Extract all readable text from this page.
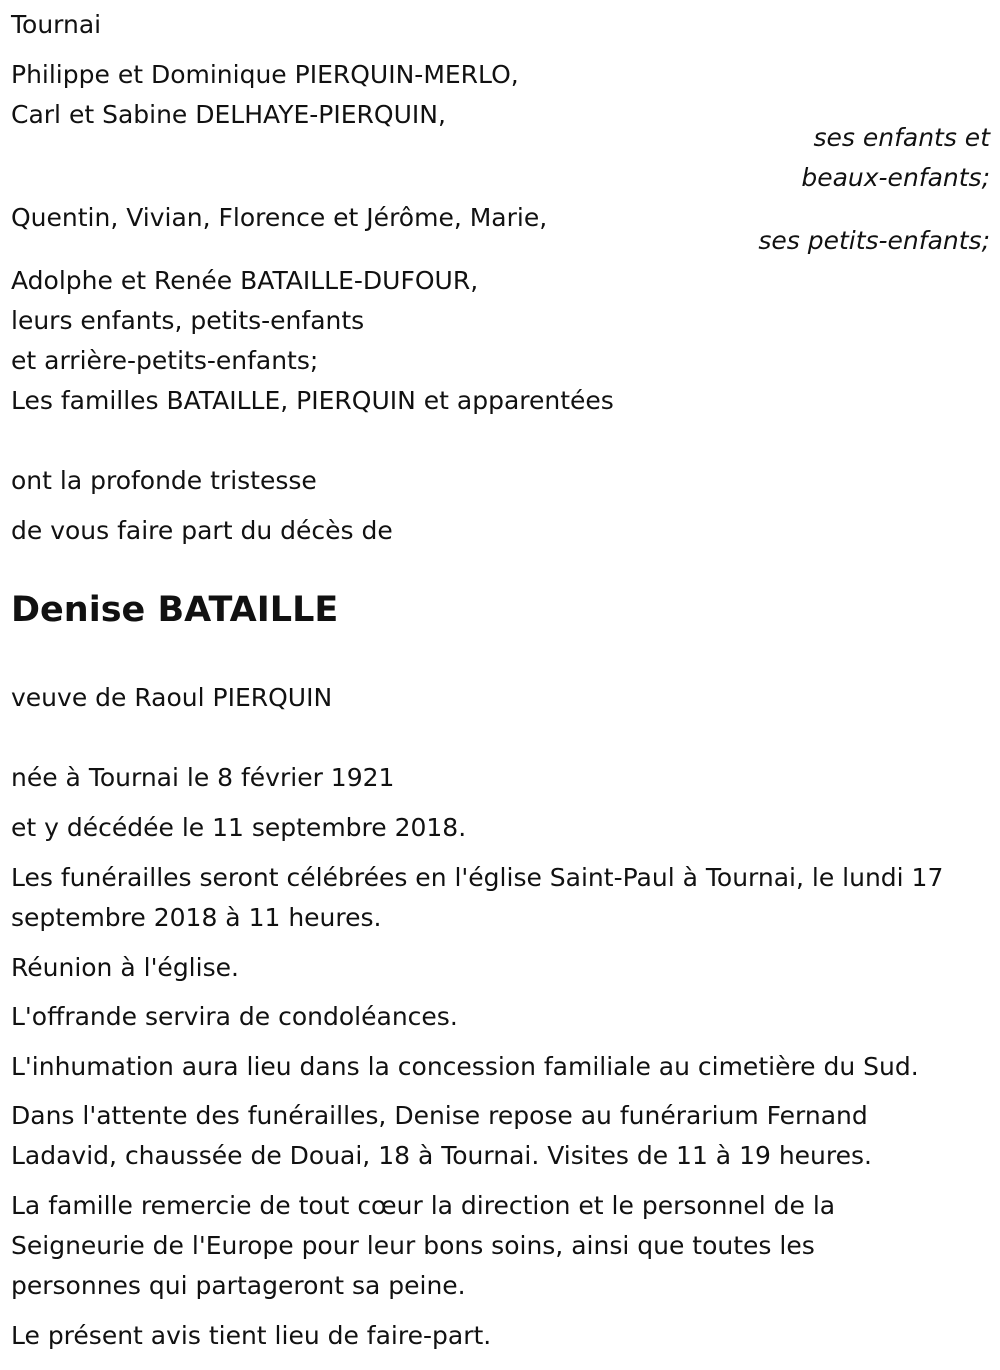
Tournai
Philippe et Dominique PIERQUIN-MERLO,
Carl et Sabine DELHAYE-PIERQUIN,
ses enfants et
beaux-enfants;
Quentin, Vivian, Florence et Jérôme, Marie,
ses petits-enfants;
Adolphe et Renée BATAILLE-DUFOUR,
leurs enfants, petits-enfants
et arrière-petits-enfants;
Les familles BATAILLE, PIERQUIN et apparentées
ont la profonde tristesse
de vous faire part du décès de
Denise BATAILLE
veuve de Raoul PIERQUIN
née à Tournai le 8 février 1921
et y décédée le 11 septembre 2018.
Les funérailles seront célébrées en l'église Saint-Paul à Tournai, le lundi 17
septembre 2018 à 11 heures.
Réunion à l'église.
L'offrande servira de condoléances.
L'inhumation aura lieu dans la concession familiale au cimetière du Sud.
Dans l'attente des funérailles, Denise repose au funérarium Fernand
Ladavid, chaussée de Douai, 18 à Tournai. Visites de 11 à 19 heures.
La famille remercie de tout cœur la direction et le personnel de la
Seigneurie de l'Europe pour leur bons soins, ainsi que toutes les
personnes qui partageront sa peine.
Le présent avis tient lieu de faire-part.
